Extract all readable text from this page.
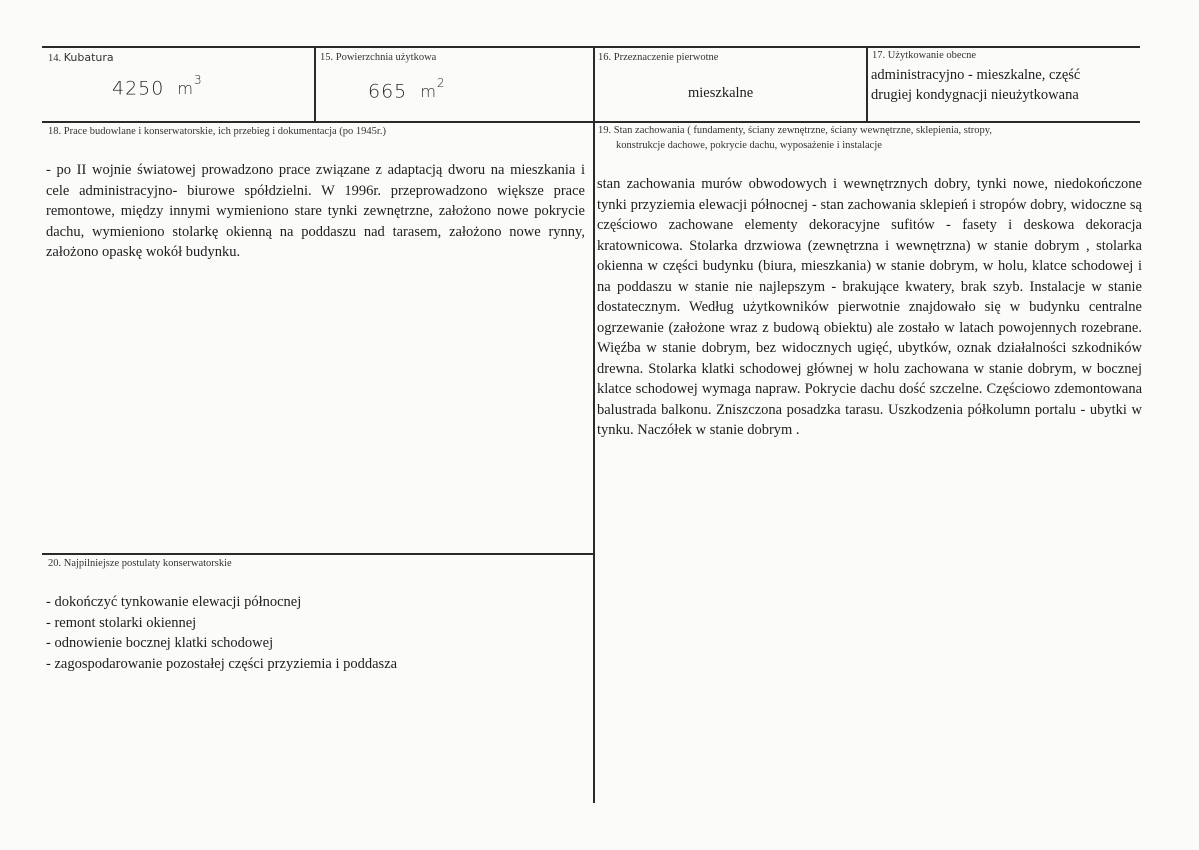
14. Kubatura
4250 $m^3$
15. Powierzchnia użytkowa
665 $m^2$
16. Przeznaczenie pierwotne
mieszkalne
17. Użytkowanie obecne
administracyjno - mieszkalne, część
drugiej kondygnacji nieużytkowana
18. Prace budowlane i konserwatorskie, ich przebieg i dokumentacja (po 1945r.)
- po II wojnie światowej prowadzono prace związane z adaptacją dworu na mieszkania i cele administracyjno- biurowe spółdzielni. W 1996r. przeprowadzono większe prace remontowe, między innymi wymieniono stare tynki zewnętrzne, założono nowe pokrycie dachu, wymieniono stolarkę okienną na poddaszu nad tarasem, założono nowe rynny, założono opaskę wokół budynku.
19. Stan zachowania ( fundamenty, ściany zewnętrzne, ściany wewnętrzne, sklepienia, stropy,
konstrukcje dachowe, pokrycie dachu, wyposażenie i instalacje
stan zachowania murów obwodowych i wewnętrznych dobry, tynki nowe, niedokończone tynki przyziemia elewacji północnej - stan zachowania sklepień i stropów dobry, widoczne są częściowo zachowane elementy dekoracyjne sufitów - fasety i deskowa dekoracja kratownicowa. Stolarka drzwiowa (zewnętrzna i wewnętrzna) w stanie dobrym , stolarka okienna w części budynku (biura, mieszkania) w stanie dobrym, w holu, klatce schodowej i na poddaszu w stanie nie najlepszym - brakujące kwatery, brak szyb. Instalacje w stanie dostatecznym. Według użytkowników pierwotnie znajdowało się w budynku centralne ogrzewanie (założone wraz z budową obiektu) ale zostało w latach powojennych rozebrane. Więźba w stanie dobrym, bez widocznych ugięć, ubytków, oznak działalności szkodników drewna. Stolarka klatki schodowej głównej w holu zachowana w stanie dobrym, w bocznej klatce schodowej wymaga napraw. Pokrycie dachu dość szczelne. Częściowo zdemontowana balustrada balkonu. Zniszczona posadzka tarasu. Uszkodzenia półkolumn portalu - ubytki w tynku. Naczółek w stanie dobrym .
20. Najpilniejsze postulaty konserwatorskie
- dokończyć tynkowanie elewacji północnej
- remont stolarki okiennej
- odnowienie bocznej klatki schodowej
- zagospodarowanie pozostałej części przyziemia i poddasza
